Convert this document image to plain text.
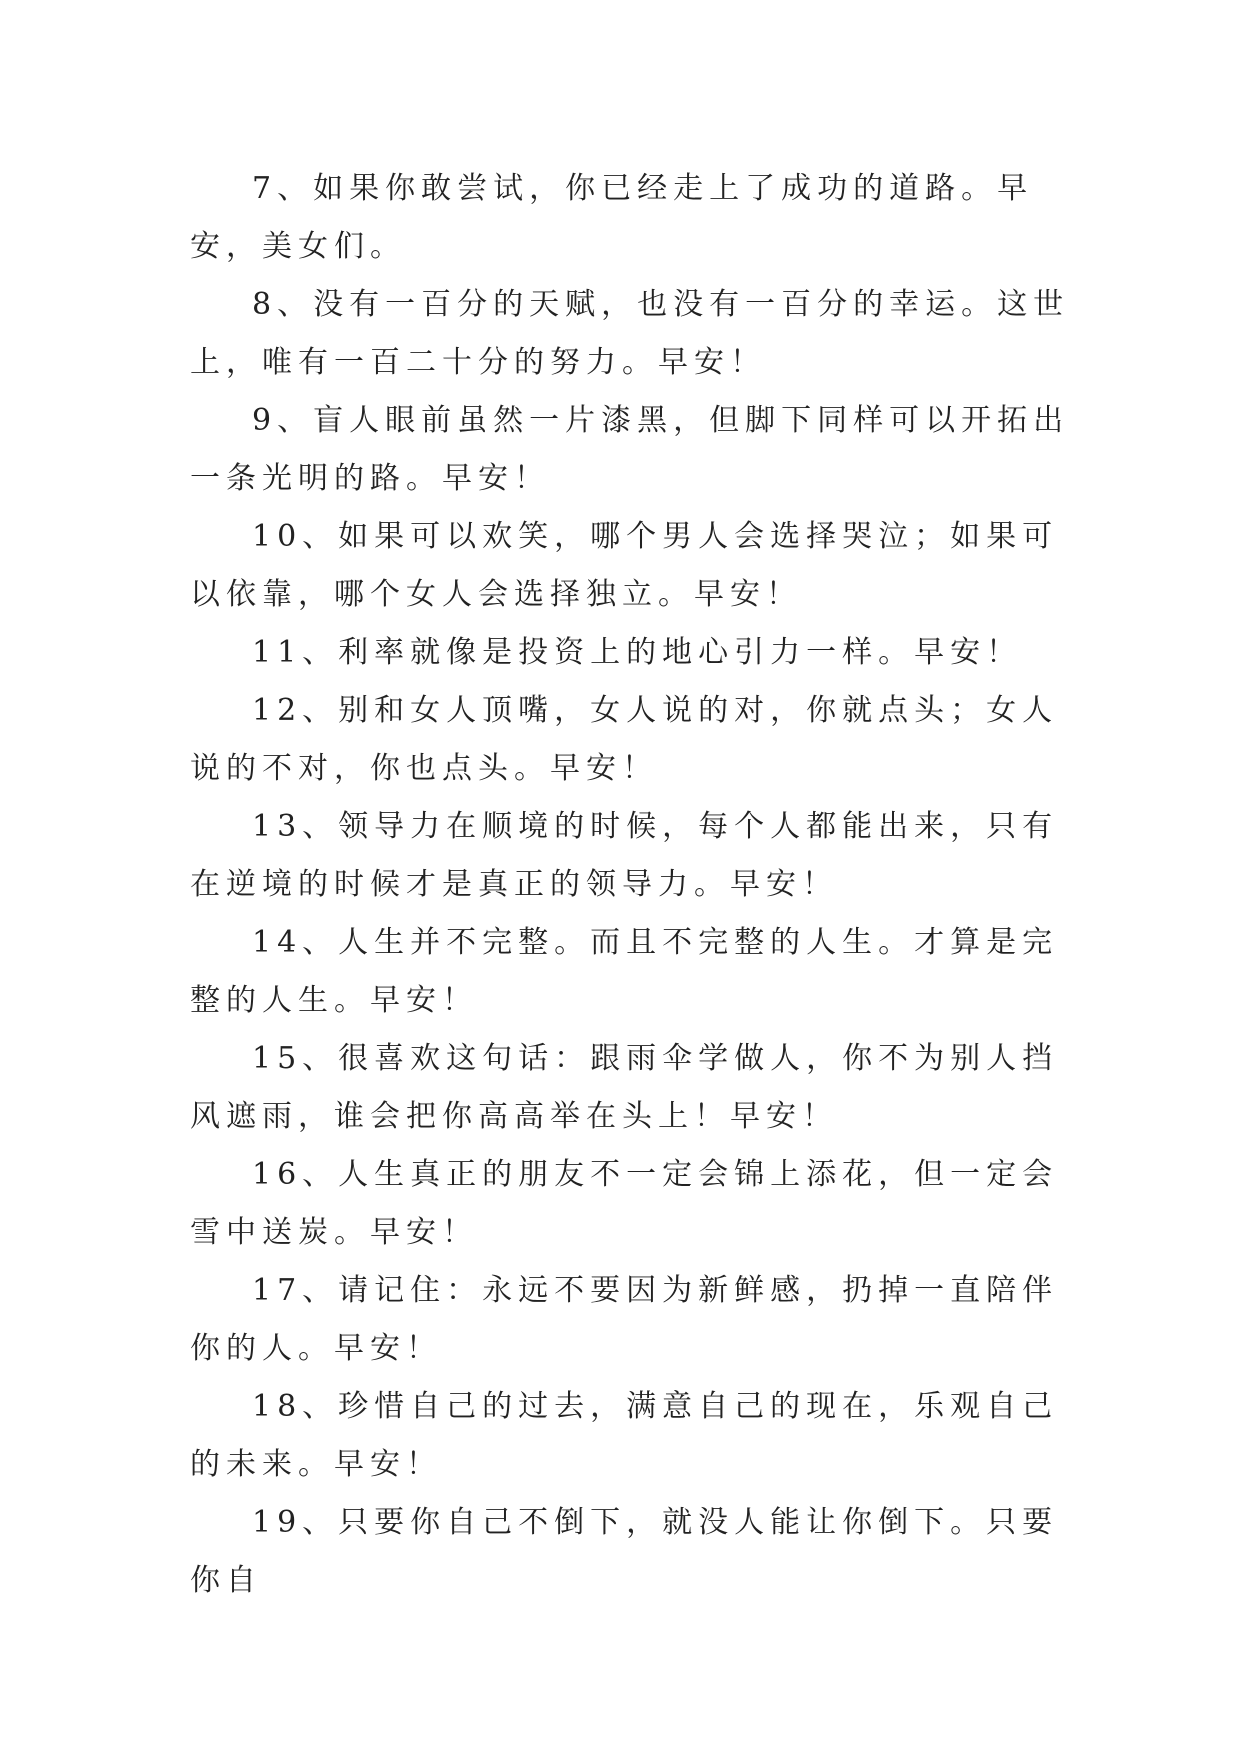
7、如果你敢尝试，你已经走上了成功的道路。早安，美女们。

8、没有一百分的天赋，也没有一百分的幸运。这世上，唯有一百二十分的努力。早安！

9、盲人眼前虽然一片漆黑，但脚下同样可以开拓出一条光明的路。早安！

10、如果可以欢笑，哪个男人会选择哭泣；如果可以依靠，哪个女人会选择独立。早安！

11、利率就像是投资上的地心引力一样。早安！

12、别和女人顶嘴，女人说的对，你就点头；女人说的不对，你也点头。早安！

13、领导力在顺境的时候，每个人都能出来，只有在逆境的时候才是真正的领导力。早安！

14、人生并不完整。而且不完整的人生。才算是完整的人生。早安！

15、很喜欢这句话：跟雨伞学做人，你不为别人挡风遮雨，谁会把你高高举在头上！早安！

16、人生真正的朋友不一定会锦上添花，但一定会雪中送炭。早安！

17、请记住：永远不要因为新鲜感，扔掉一直陪伴你的人。早安！

18、珍惜自己的过去，满意自己的现在，乐观自己的未来。早安！

19、只要你自己不倒下，就没人能让你倒下。只要你自
